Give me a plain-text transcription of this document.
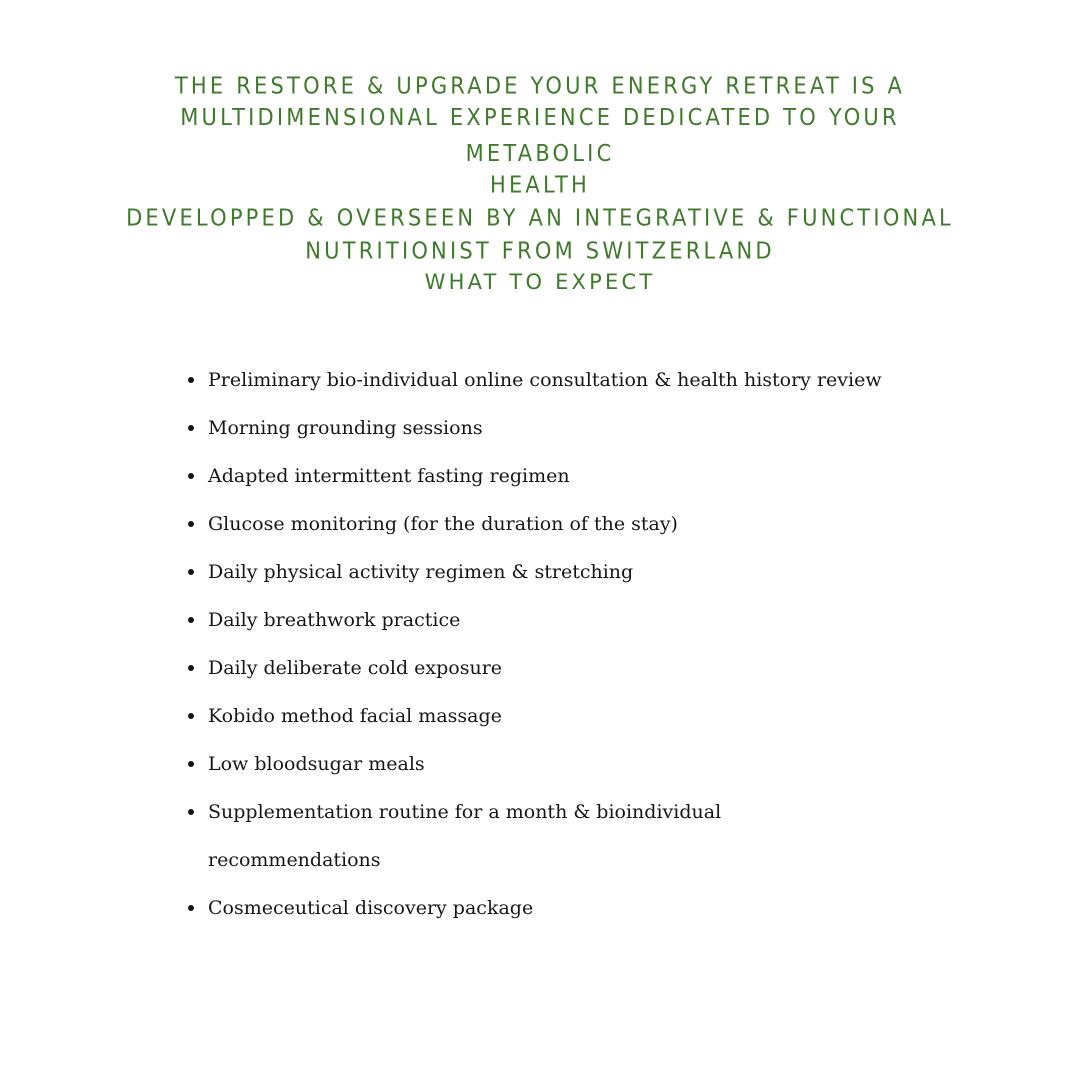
THE RESTORE & UPGRADE YOUR ENERGY RETREAT IS A
MULTIDIMENSIONAL EXPERIENCE DEDICATED TO YOUR METABOLIC
HEALTH
DEVELOPPED & OVERSEEN BY AN INTEGRATIVE & FUNCTIONAL
NUTRITIONIST FROM SWITZERLAND
WHAT TO EXPECT
Preliminary bio-individual online consultation & health history review
Morning grounding sessions
Adapted intermittent fasting regimen
Glucose monitoring (for the duration of the stay)
Daily physical activity regimen & stretching
Daily breathwork practice
Daily deliberate cold exposure
Kobido method facial massage
Low bloodsugar meals
Supplementation routine for a month & bioindividual
recommendations
Cosmeceutical discovery package
